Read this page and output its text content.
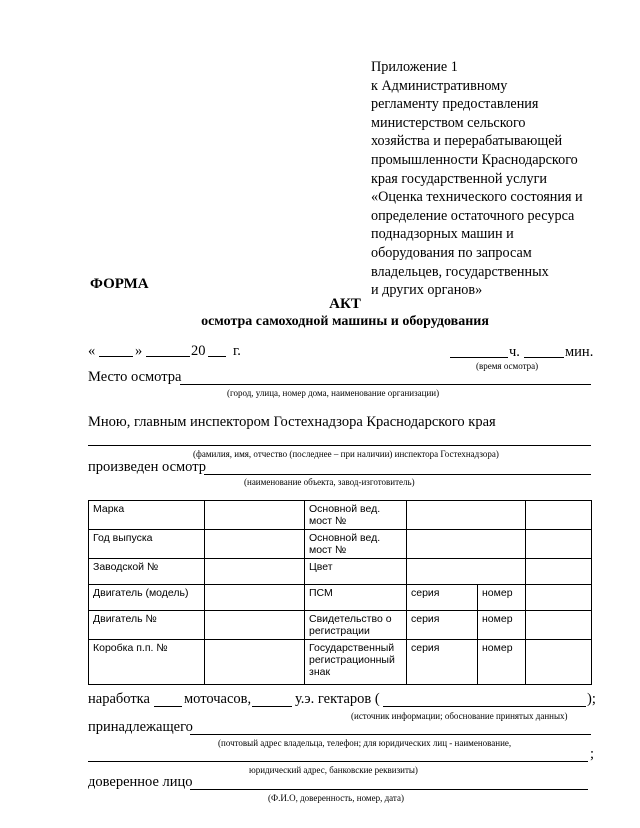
Приложение 1
к Административному
регламенту предоставления
министерством сельского
хозяйства и перерабатывающей
промышленности Краснодарского
края государственной услуги
«Оценка технического состояния и
определение остаточного ресурса
поднадзорных машин и
оборудования по запросам
владельцев, государственных
и других органов»
ФОРМА
АКТ
осмотра самоходной машины и оборудования
«	»	20 г.	ч.	мин.
(время осмотра)
Место осмотра
(город, улица, номер дома, наименование организации)
Мною, главным инспектором Гостехнадзора Краснодарского края
(фамилия, имя, отчество (последнее – при наличии) инспектора Гостехнадзора)
произведен осмотр
(наименование объекта, завод-изготовитель)
Марка		Основной вед. мост №			
Год выпуска		Основной вед. мост №			
Заводской №		Цвет			
Двигатель (модель)		ПСМ	серия	номер	
Двигатель №		Свидетельство о регистрации	серия	номер	
Коробка п.п. №		Государственный регистрационный знак	серия	номер	
наработка моточасов,	у.э. гектаров (	);
(источник информации; обоснование принятых данных)
принадлежащего
(почтовый адрес владельца, телефон; для юридических лиц - наименование,
;
юридический адрес, банковские реквизиты)
доверенное лицо
(Ф.И.О, доверенность, номер, дата)
